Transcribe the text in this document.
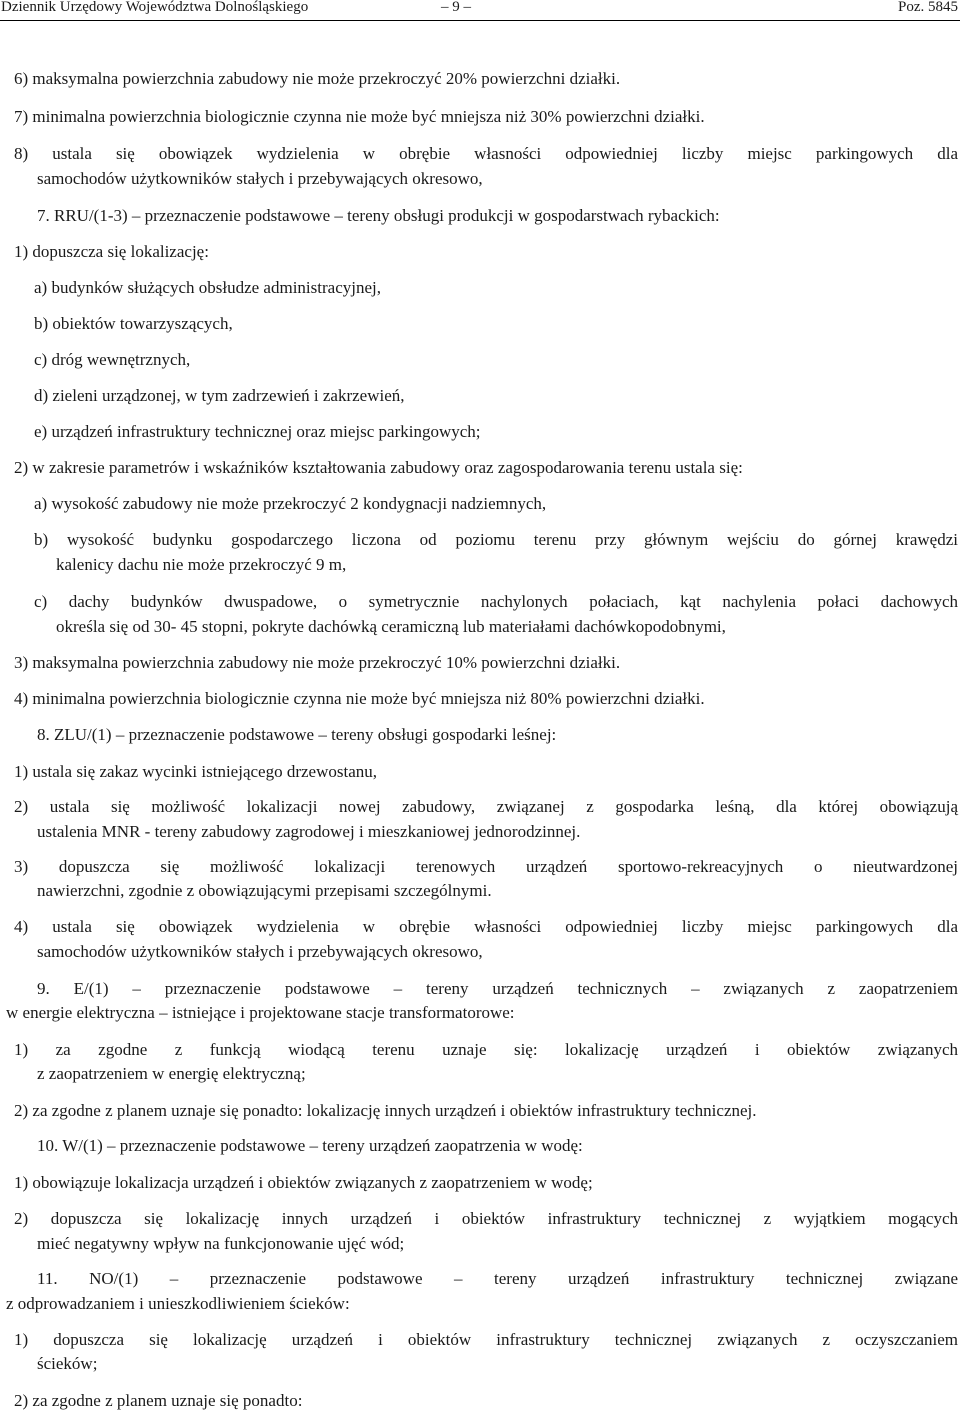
Dziennik Urzędowy Województwa Dolnośląskiego	– 9 –	Poz. 5845
6) maksymalna powierzchnia zabudowy nie może przekroczyć 20% powierzchni działki.
7) minimalna powierzchnia biologicznie czynna nie może być mniejsza niż 30% powierzchni działki.
8) ustala się obowiązek wydzielenia w obrębie własności odpowiedniej liczby miejsc parkingowych dla
samochodów użytkowników stałych i przebywających okresowo,
7. RRU/(1-3) – przeznaczenie podstawowe – tereny obsługi produkcji w gospodarstwach rybackich:
1) dopuszcza się lokalizację:
a) budynków służących obsłudze administracyjnej,
b) obiektów towarzyszących,
c) dróg wewnętrznych,
d) zieleni urządzonej, w tym zadrzewień i zakrzewień,
e) urządzeń infrastruktury technicznej oraz miejsc parkingowych;
2) w zakresie parametrów i wskaźników kształtowania zabudowy oraz zagospodarowania terenu ustala się:
a) wysokość zabudowy nie może przekroczyć 2 kondygnacji nadziemnych,
b) wysokość budynku gospodarczego liczona od poziomu terenu przy głównym wejściu do górnej krawędzi
kalenicy dachu nie może przekroczyć 9 m,
c) dachy budynków dwuspadowe, o symetrycznie nachylonych połaciach, kąt nachylenia połaci dachowych
określa się od 30- 45 stopni, pokryte dachówką ceramiczną lub materiałami dachówkopodobnymi,
3) maksymalna powierzchnia zabudowy nie może przekroczyć 10% powierzchni działki.
4) minimalna powierzchnia biologicznie czynna nie może być mniejsza niż 80% powierzchni działki.
8. ZLU/(1) – przeznaczenie podstawowe – tereny obsługi gospodarki leśnej:
1) ustala się zakaz wycinki istniejącego drzewostanu,
2) ustala się możliwość lokalizacji nowej zabudowy, związanej z gospodarka leśną, dla której obowiązują
ustalenia MNR - tereny zabudowy zagrodowej i mieszkaniowej jednorodzinnej.
3) dopuszcza się możliwość lokalizacji terenowych urządzeń sportowo-rekreacyjnych o nieutwardzonej
nawierzchni, zgodnie z obowiązującymi przepisami szczególnymi.
4) ustala się obowiązek wydzielenia w obrębie własności odpowiedniej liczby miejsc parkingowych dla
samochodów użytkowników stałych i przebywających okresowo,
9. E/(1) – przeznaczenie podstawowe – tereny urządzeń technicznych – związanych z zaopatrzeniem
w energie elektryczna – istniejące i projektowane stacje transformatorowe:
1) za zgodne z funkcją wiodącą terenu uznaje się: lokalizację urządzeń i obiektów związanych
z zaopatrzeniem w energię elektryczną;
2) za zgodne z planem uznaje się ponadto: lokalizację innych urządzeń i obiektów infrastruktury technicznej.
10. W/(1) – przeznaczenie podstawowe – tereny urządzeń zaopatrzenia w wodę:
1) obowiązuje lokalizacja urządzeń i obiektów związanych z zaopatrzeniem w wodę;
2) dopuszcza się lokalizację innych urządzeń i obiektów infrastruktury technicznej z wyjątkiem mogących
mieć negatywny wpływ na funkcjonowanie ujęć wód;
11. NO/(1) – przeznaczenie podstawowe – tereny urządzeń infrastruktury technicznej związane
z odprowadzaniem i unieszkodliwieniem ścieków:
1) dopuszcza się lokalizację urządzeń i obiektów infrastruktury technicznej związanych z oczyszczaniem
ścieków;
2) za zgodne z planem uznaje się ponadto:
